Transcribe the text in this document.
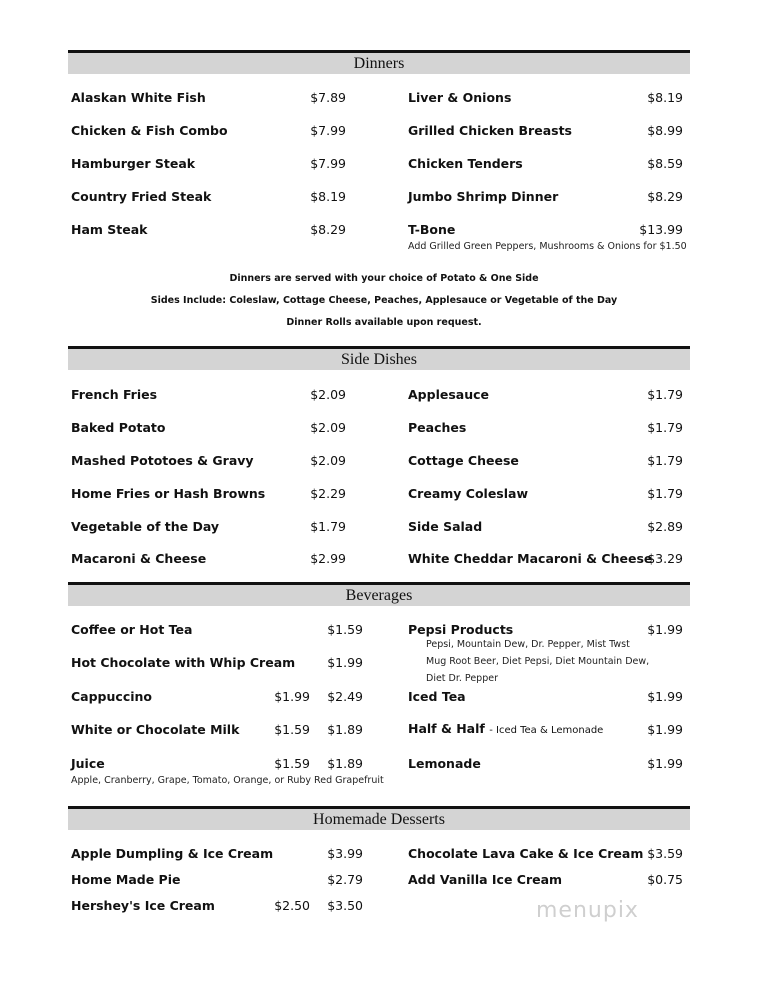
Dinners
Alaskan White Fish	$7.89
Chicken & Fish Combo	$7.99
Hamburger Steak	$7.99
Country Fried Steak	$8.19
Ham Steak	$8.29
Liver & Onions	$8.19
Grilled Chicken Breasts	$8.99
Chicken Tenders	$8.59
Jumbo Shrimp Dinner	$8.29
T-Bone	$13.99
Add Grilled Green Peppers, Mushrooms & Onions for $1.50
Dinners are served with your choice of Potato & One Side
Sides Include: Coleslaw, Cottage Cheese, Peaches, Applesauce or Vegetable of the Day
Dinner Rolls available upon request.
Side Dishes
French Fries	$2.09
Baked Potato	$2.09
Mashed Pototoes & Gravy	$2.09
Home Fries or Hash Browns	$2.29
Vegetable of the Day	$1.79
Macaroni & Cheese	$2.99
Applesauce	$1.79
Peaches	$1.79
Cottage Cheese	$1.79
Creamy Coleslaw	$1.79
Side Salad	$2.89
White Cheddar Macaroni & Cheese
$3.29
Beverages
Coffee or Hot Tea	$1.59
Hot Chocolate with Whip Cream	$1.99
Cappuccino	$1.99	$2.49
White or Chocolate Milk	$1.59	$1.89
Juice	$1.59	$1.89
Apple, Cranberry, Grape, Tomato, Orange, or Ruby Red Grapefruit
Pepsi Products	$1.99
Pepsi, Mountain Dew, Dr. Pepper, Mist Twst
Mug Root Beer, Diet Pepsi, Diet Mountain Dew,
Diet Dr. Pepper
Iced Tea	$1.99
Half & Half - Iced Tea & Lemonade	$1.99
Lemonade	$1.99
Homemade Desserts
Apple Dumpling & Ice Cream	$3.99
Home Made Pie	$2.79
Hershey's Ice Cream	$2.50	$3.50
Chocolate Lava Cake & Ice Cream $3.59
Add Vanilla Ice Cream	$0.75
menupix
